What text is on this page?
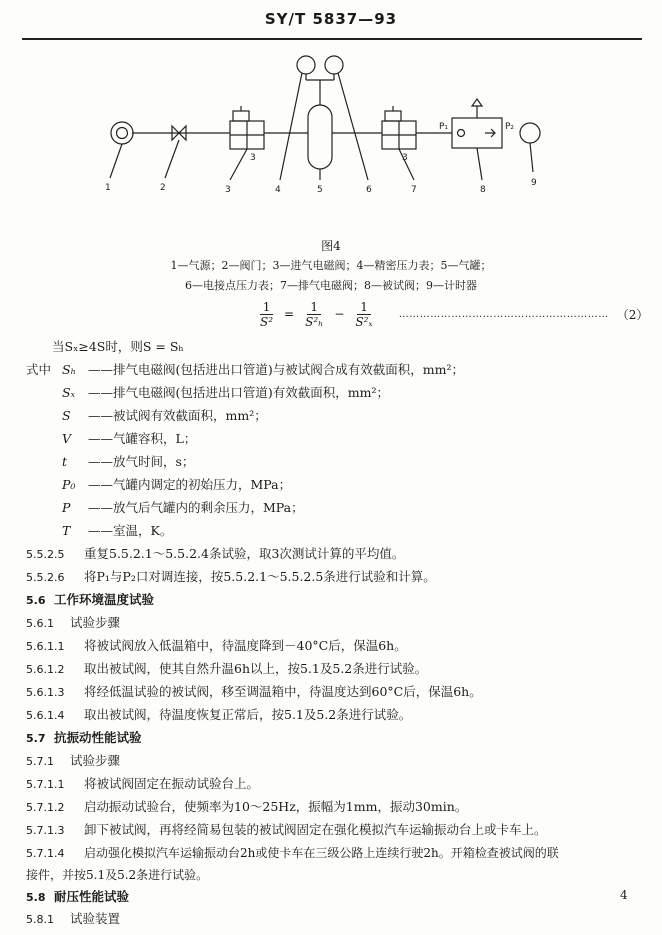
SY/T 5837—93
1	2	3	4	5	6	7	8
9
3	3
P₁	P₂
图4
1—气源；2—阀门；3—进气电磁阀；4—精密压力表；5—气罐；
6—电接点压力表；7—排气电磁阀；8—被试阀；9—计时器
$\frac{1}{\text{S²}} = \frac{1}{\text{S²ₕ}} - \frac{1}{\text{S²ₓ}}$ …………………………………………………… （2）
当Sₓ≥4S时，则S = Sₕ
式中 Sₕ ——排气电磁阀(包括进出口管道)与被试阀合成有效截面积，mm²；
Sₓ ——排气电磁阀(包括进出口管道)有效截面积，mm²；
S ——被试阀有效截面积，mm²；
V ——气罐容积，L；
t ——放气时间，s；
P₀ ——气罐内调定的初始压力，MPa；
P ——放气后气罐内的剩余压力，MPa；
T ——室温，K。
5.5.2.5 重复5.5.2.1～5.5.2.4条试验，取3次测试计算的平均值。
5.5.2.6 将P₁与P₂口对调连接，按5.5.2.1～5.5.2.5条进行试验和计算。
5.6 工作环境温度试验
5.6.1 试验步骤
5.6.1.1 将被试阀放入低温箱中，待温度降到－40°C后，保温6h。
5.6.1.2 取出被试阀，使其自然升温6h以上，按5.1及5.2条进行试验。
5.6.1.3 将经低温试验的被试阀，移至调温箱中，待温度达到60°C后，保温6h。
5.6.1.4 取出被试阀，待温度恢复正常后，按5.1及5.2条进行试验。
5.7 抗振动性能试验
5.7.1 试验步骤
5.7.1.1 将被试阀固定在振动试验台上。
5.7.1.2 启动振动试验台，使频率为10～25Hz，振幅为1mm，振动30min。
5.7.1.3 卸下被试阀，再将经简易包装的被试阀固定在强化模拟汽车运输振动台上或卡车上。
5.7.1.4 启动强化模拟汽车运输振动台2h或使卡车在三级公路上连续行驶2h。开箱检查被试阀的联
接件，并按5.1及5.2条进行试验。
5.8 耐压性能试验
5.8.1 试验装置
4
